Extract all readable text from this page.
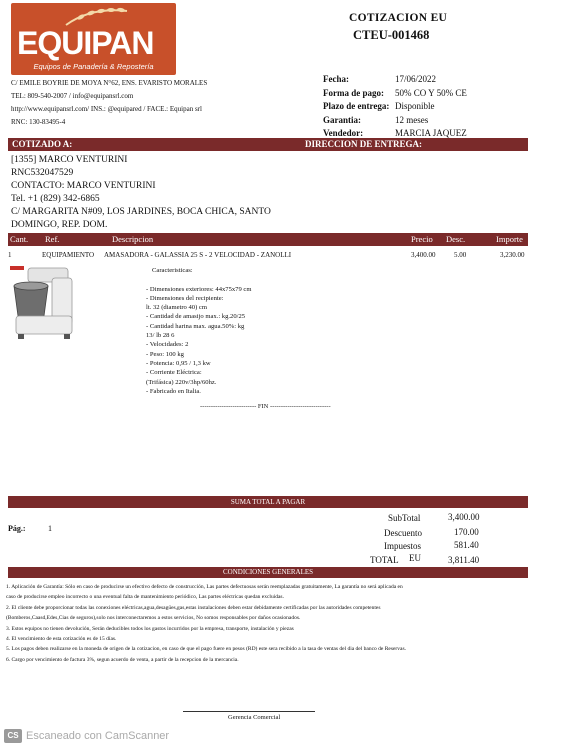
EQUIPAN
Equipos de Panadería & Repostería
C/ EMILE BOYRIE DE MOYA N°62, ENS. EVARISTO MORALES
TEL: 809-540-2007 / info@equipansrl.com
http://www.equipansrl.com/ INS.: @equipared / FACE.: Equipan srl
RNC: 130-83495-4
COTIZACION EU
CTEU-001468
Fecha:	17/06/2022
Forma de pago:	50% CO Y 50% CE
Plazo de entrega: Disponible
Garantia:	12 meses
Vendedor:	MARCIA JAQUEZ
COTIZADO A:	DIRECCION DE ENTREGA:
[1355] MARCO VENTURINI
RNC532047529
CONTACTO: MARCO VENTURINI
Tel. +1 (829) 342-6865
C/ MARGARITA N#09, LOS JARDINES, BOCA CHICA, SANTO
DOMINGO, REP. DOM.
Cant. Ref.	Descripcion	Precio Desc.	Importe
1	EQUIPAMIENTO AMASADORA - GALASSIA 25 S - 2 VELOCIDAD - ZANOLLI	3,400.00	5.00	3,230.00
Caracteristicas:

- Dimensiones exteriores: 44x75x79 cm
- Dimensiones del recipiente:
lt. 32 (diametro 40) cm
- Cantidad de amasijo max.: kg.20/25
- Cantidad harina max. agua.50%: kg
13/ lb 28 6
- Velocidades: 2
- Peso: 100 kg
- Potencia: 0,95 / 1,3 kw
- Corriente Eléctrica:
(Trifásica) 220v/3hp/60hz.
- Fabricado en Italia.
-------------------------- FIN ----------------------------
SUMA TOTAL A PAGAR
Pág.:	1
SubTotal	3,400.00
Descuento	170.00
Impuestos	581.40
TOTAL EU	3,811.40
CONDICIONES GENERALES
1. Aplicación de Garantía: Sólo en caso de producirse un efectivo defecto de construcción, Las partes defectuosas serán reemplazadas gratuitamente, La garantía no será aplicada en
caso de producirse empleo incorrecto o una eventual falta de mantenimiento periódico, Las partes eléctricas quedan excluidas.
2. El cliente debe proporcionar todas las conexiones eléctricas,agua,desagües,gas,estas instalaciones deben estar debidamente certificadas por las autoridades competentes
(Bomberos,Caasd,Edes,Cias de seguros),solo nos interconectaremos a estos servicios, No somos responsables por daños ocasionados.
3. Estos equipos no tienen devolución, Serán deducibles todos los gastos incurridos por la empresa, transporte, instalación y piezas
4. El vencimiento de esta cotización es de 15 días.
5. Los pagos deben realizarse en la moneda de origen de la cotizacion, en caso de que el pago fuere en pesos (RD) este sera recibido a la tasa de ventas del dia del banco de Reservas.
6. Cargo por vencimiento de factura 3%, segun acuerdo de venta, a partir de la recepcion de la mercancia.
Gerencia Comercial
CS Escaneado con CamScanner
